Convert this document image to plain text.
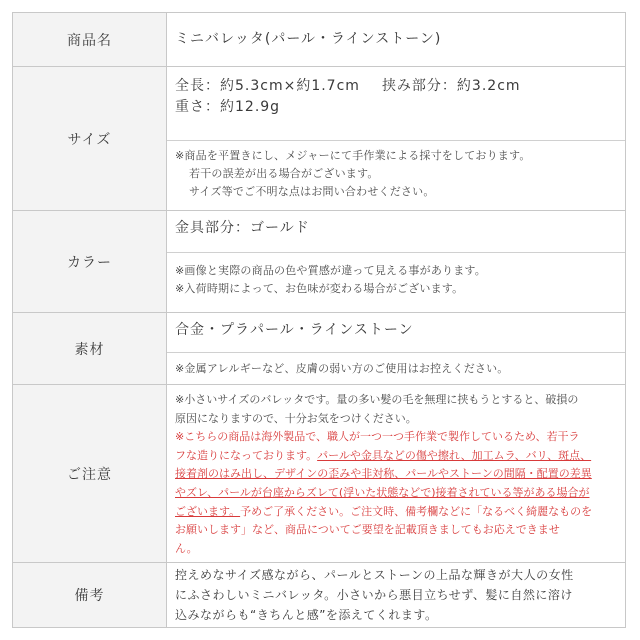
商品名	ミニバレッタ(パール・ラインストーン)
サイズ
全長：約5.3cm×約1.7cm 挟み部分：約3.2cm
重さ：約12.9g
※商品を平置きにし、メジャーにて手作業による採寸をしております。
若干の誤差が出る場合がございます。
サイズ等でご不明な点はお問い合わせください。
カラー
金具部分：ゴールド
※画像と実際の商品の色や質感が違って見える事があります。
※入荷時期によって、お色味が変わる場合がございます。
素材
合金・プラパール・ラインストーン
※金属アレルギーなど、皮膚の弱い方のご使用はお控えください。
ご注意
※小さいサイズのバレッタです。量の多い髪の毛を無理に挟もうとすると、破損の
原因になりますので、十分お気をつけください。
※こちらの商品は海外製品で、職人が一つ一つ手作業で製作しているため、若干ラ
フな造りになっております。パールや金具などの傷や擦れ、加工ムラ、バリ、斑点、
接着剤のはみ出し、デザインの歪みや非対称、パールやストーンの間隔・配置の差異
やズレ、パールが台座からズレて(浮いた状態などで)接着されている等がある場合が
ございます。予めご了承ください。ご注文時、備考欄などに「なるべく綺麗なものを
お願いします」など、商品についてご要望を記載頂きましてもお応えできませ
ん。
備考
控えめなサイズ感ながら、パールとストーンの上品な輝きが大人の女性
にふさわしいミニバレッタ。小さいから悪目立ちせず、髪に自然に溶け
込みながらも“きちんと感”を添えてくれます。
